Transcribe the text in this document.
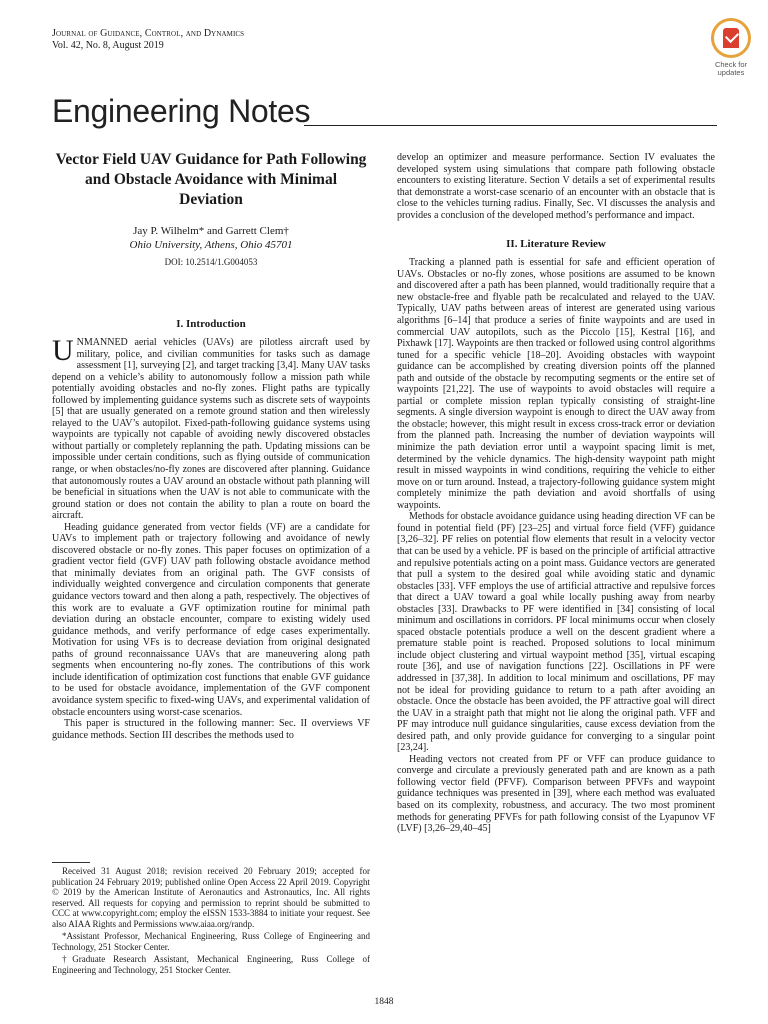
Journal of Guidance, Control, and Dynamics
Vol. 42, No. 8, August 2019
Check for updates
Engineering Notes
Vector Field UAV Guidance for Path Following and Obstacle Avoidance with Minimal Deviation
Jay P. Wilhelm* and Garrett Clem†
Ohio University, Athens, Ohio 45701
DOI: 10.2514/1.G004053
I. Introduction

UNMANNED aerial vehicles (UAVs) are pilotless aircraft used by military, police, and civilian communities for tasks such as damage assessment [1], surveying [2], and target tracking [3,4]. Many UAV tasks depend on a vehicle’s ability to autonomously follow a mission path while potentially avoiding obstacles and no-fly zones. Flight paths are typically followed by implementing guidance systems such as discrete sets of waypoints [5] that are usually generated on a remote ground station and then wirelessly relayed to the UAV’s autopilot. Fixed-path-following guidance systems using waypoints are typically not capable of avoiding newly discovered obstacles without partially or completely replanning the path. Updating missions can be impossible under certain conditions, such as flying outside of communication range, or when obstacles/no-fly zones are discovered after planning. Guidance that autonomously routes a UAV around an obstacle without path planning will be beneficial in situations when the UAV is not able to communicate with the ground station or does not contain the ability to plan a route on board the aircraft.

Heading guidance generated from vector fields (VF) are a candidate for UAVs to implement path or trajectory following and avoidance of newly discovered obstacle or no-fly zones. This paper focuses on optimization of a gradient vector field (GVF) UAV path following obstacle avoidance method that minimally deviates from an original path. The GVF consists of individually weighted convergence and circulation components that generate guidance vectors toward and then along a path, respectively. The objectives of this work are to evaluate a GVF optimization routine for minimal path deviation during an obstacle encounter, compare to existing widely used guidance methods, and verify performance of edge cases experimentally. Motivation for using VFs is to decrease deviation from original designated paths of ground reconnaissance UAVs that are maneuvering along path segments when encountering no-fly zones. The contributions of this work include identification of optimization cost functions that enable GVF guidance to be used for obstacle avoidance, implementation of the GVF component avoidance system specific to fixed-wing UAVs, and experimental validation of obstacle encounters using worst-case scenarios.

This paper is structured in the following manner: Sec. II overviews VF guidance methods. Section III describes the methods used to

develop an optimizer and measure performance. Section IV evaluates the developed system using simulations that compare path following obstacle encounters to existing literature. Section V details a set of experimental results that demonstrate a worst-case scenario of an encounter with an obstacle that is close to the vehicles turning radius. Finally, Sec. VI discusses the analysis and provides a conclusion of the developed method’s performance and impact.

II. Literature Review

Tracking a planned path is essential for safe and efficient operation of UAVs. Obstacles or no-fly zones, whose positions are assumed to be known and discovered after a path has been planned, would traditionally require that a new obstacle-free and flyable path be recalculated and relayed to the UAV. Typically, UAV paths between areas of interest are generated using various algorithms [6–14] that produce a series of finite waypoints and are used in commercial UAV autopilots, such as the Piccolo [15], Kestral [16], and Pixhawk [17]. Waypoints are then tracked or followed using control algorithms tuned for a specific vehicle [18–20]. Avoiding obstacles with waypoint guidance can be accomplished by creating diversion points off the planned path and outside of the obstacle by recomputing segments or the entire set of waypoints [21,22]. The use of waypoints to avoid obstacles will require a partial or complete mission replan typically consisting of straight-line segments. A single diversion waypoint is enough to direct the UAV away from the obstacle; however, this might result in excess cross-track error or deviation from the planned path. Increasing the number of deviation waypoints will minimize the path deviation error until a waypoint spacing limit is met, determined by the vehicle dynamics. The high-density waypoint path might result in missed waypoints in wind conditions, requiring the vehicle to either move on or turn around. Instead, a trajectory-following guidance system might completely minimize the path deviation and avoid shortfalls of using waypoints.

Methods for obstacle avoidance guidance using heading direction VF can be found in potential field (PF) [23–25] and virtual force field (VFF) guidance [3,26–32]. PF relies on potential flow elements that result in a velocity vector that can be used by a vehicle. PF is based on the principle of artificial attractive and repulsive potentials acting on a point mass. Guidance vectors are generated that pull a system to the desired goal while avoiding static and dynamic obstacles [33]. VFF employs the use of artificial attractive and repulsive forces that direct a UAV toward a goal while locally pushing away from nearby obstacles [33]. Drawbacks to PF were identified in [34] consisting of local minimum and oscillations in corridors. PF local minimums occur when closely spaced obstacle potentials produce a well on the descent gradient where a premature stable point is reached. Proposed solutions to local minimum include object clustering and virtual waypoint method [35], virtual escaping route [36], and use of navigation functions [22]. Oscillations in PF were addressed in [37,38]. In addition to local minimum and oscillations, PF may not be ideal for providing guidance to return to a path after avoiding an obstacle. Once the obstacle has been avoided, the PF attractive goal will direct the UAV in a straight path that might not lie along the original path. VFF and PF may introduce null guidance singularities, cause excess deviation from the desired path, and only provide guidance for converging to a singular point [23,24].

Heading vectors not created from PF or VFF can produce guidance to converge and circulate a previously generated path and are known as a path following vector field (PFVF). Comparison between PFVFs and waypoint guidance techniques was presented in [39], where each method was evaluated based on its complexity, robustness, and accuracy. The two most prominent methods for generating PFVFs for path following consist of the Lyapunov VF (LVF) [3,26–29,40–45]

Received 31 August 2018; revision received 20 February 2019; accepted for publication 24 February 2019; published online Open Access 22 April 2019. Copyright © 2019 by the American Institute of Aeronautics and Astronautics, Inc. All rights reserved. All requests for copying and permission to reprint should be submitted to CCC at www.copyright.com; employ the eISSN 1533-3884 to initiate your request. See also AIAA Rights and Permissions www.aiaa.org/randp.

*Assistant Professor, Mechanical Engineering, Russ College of Engineering and Technology, 251 Stocker Center.

†Graduate Research Assistant, Mechanical Engineering, Russ College of Engineering and Technology, 251 Stocker Center.

1848
